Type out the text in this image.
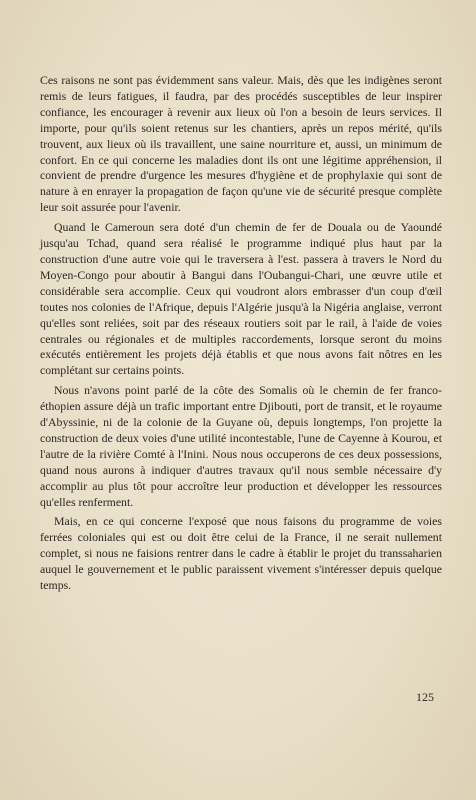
Ces raisons ne sont pas évidemment sans valeur. Mais, dès que les indigènes seront remis de leurs fatigues, il faudra, par des procédés susceptibles de leur inspirer confiance, les encourager à revenir aux lieux où l'on a besoin de leurs services. Il importe, pour qu'ils soient retenus sur les chantiers, après un repos mérité, qu'ils trouvent, aux lieux où ils travaillent, une saine nourriture et, aussi, un minimum de confort. En ce qui concerne les maladies dont ils ont une légitime appréhension, il convient de prendre d'urgence les mesures d'hygiène et de prophylaxie qui sont de nature à en enrayer la propagation de façon qu'une vie de sécurité presque complète leur soit assurée pour l'avenir.

Quand le Cameroun sera doté d'un chemin de fer de Douala ou de Yaoundé jusqu'au Tchad, quand sera réalisé le programme indiqué plus haut par la construction d'une autre voie qui le traversera à l'est. passera à travers le Nord du Moyen-Congo pour aboutir à Bangui dans l'Oubangui-Chari, une œuvre utile et considérable sera accomplie. Ceux qui voudront alors embrasser d'un coup d'œil toutes nos colonies de l'Afrique, depuis l'Algérie jusqu'à la Nigéria anglaise, verront qu'elles sont reliées, soit par des réseaux routiers soit par le rail, à l'aide de voies centrales ou régionales et de multiples raccordements, lorsque seront du moins exécutés entièrement les projets déjà établis et que nous avons fait nôtres en les complétant sur certains points.

Nous n'avons point parlé de la côte des Somalis où le chemin de fer franco-éthopien assure déjà un trafic important entre Djibouti, port de transit, et le royaume d'Abyssinie, ni de la colonie de la Guyane où, depuis longtemps, l'on projette la construction de deux voies d'une utilité incontestable, l'une de Cayenne à Kourou, et l'autre de la rivière Comté à l'Inini. Nous nous occuperons de ces deux possessions, quand nous aurons à indiquer d'autres travaux qu'il nous semble nécessaire d'y accomplir au plus tôt pour accroître leur production et développer les ressources qu'elles renferment.

Mais, en ce qui concerne l'exposé que nous faisons du programme de voies ferrées coloniales qui est ou doit être celui de la France, il ne serait nullement complet, si nous ne faisions rentrer dans le cadre à établir le projet du transsaharien auquel le gouvernement et le public paraissent vivement s'intéresser depuis quelque temps.

125
